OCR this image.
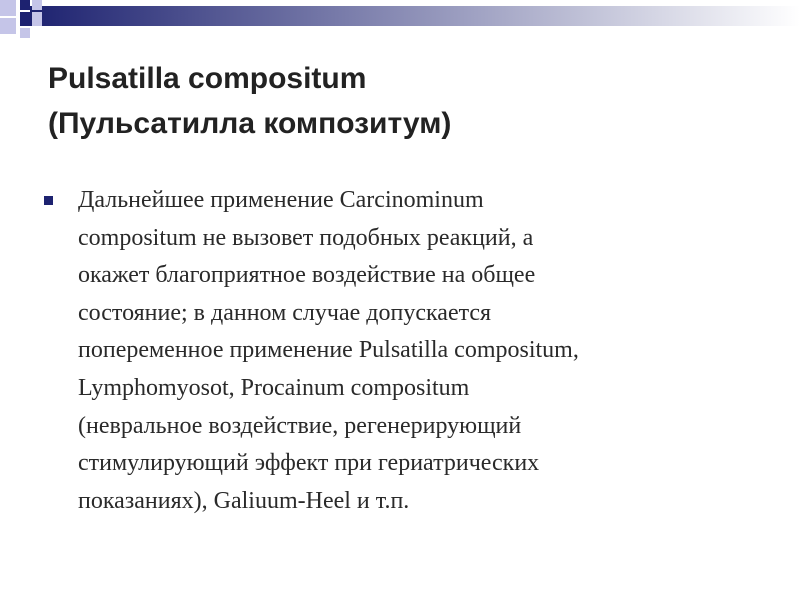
Pulsatilla compositum
(Пульсатилла композитум)

Дальнейшее применение Carcinominum
compositum не вызовет подобных реакций, а
окажет благоприятное воздействие на общее
состояние; в данном случае допускается
попеременное применение Pulsatilla compositum,
Lymphomyosot, Procainum compositum
(невральное воздействие, регенерирующий
стимулирующий эффект при гериатрических
показаниях), Galiuum-Heel и т.п.
